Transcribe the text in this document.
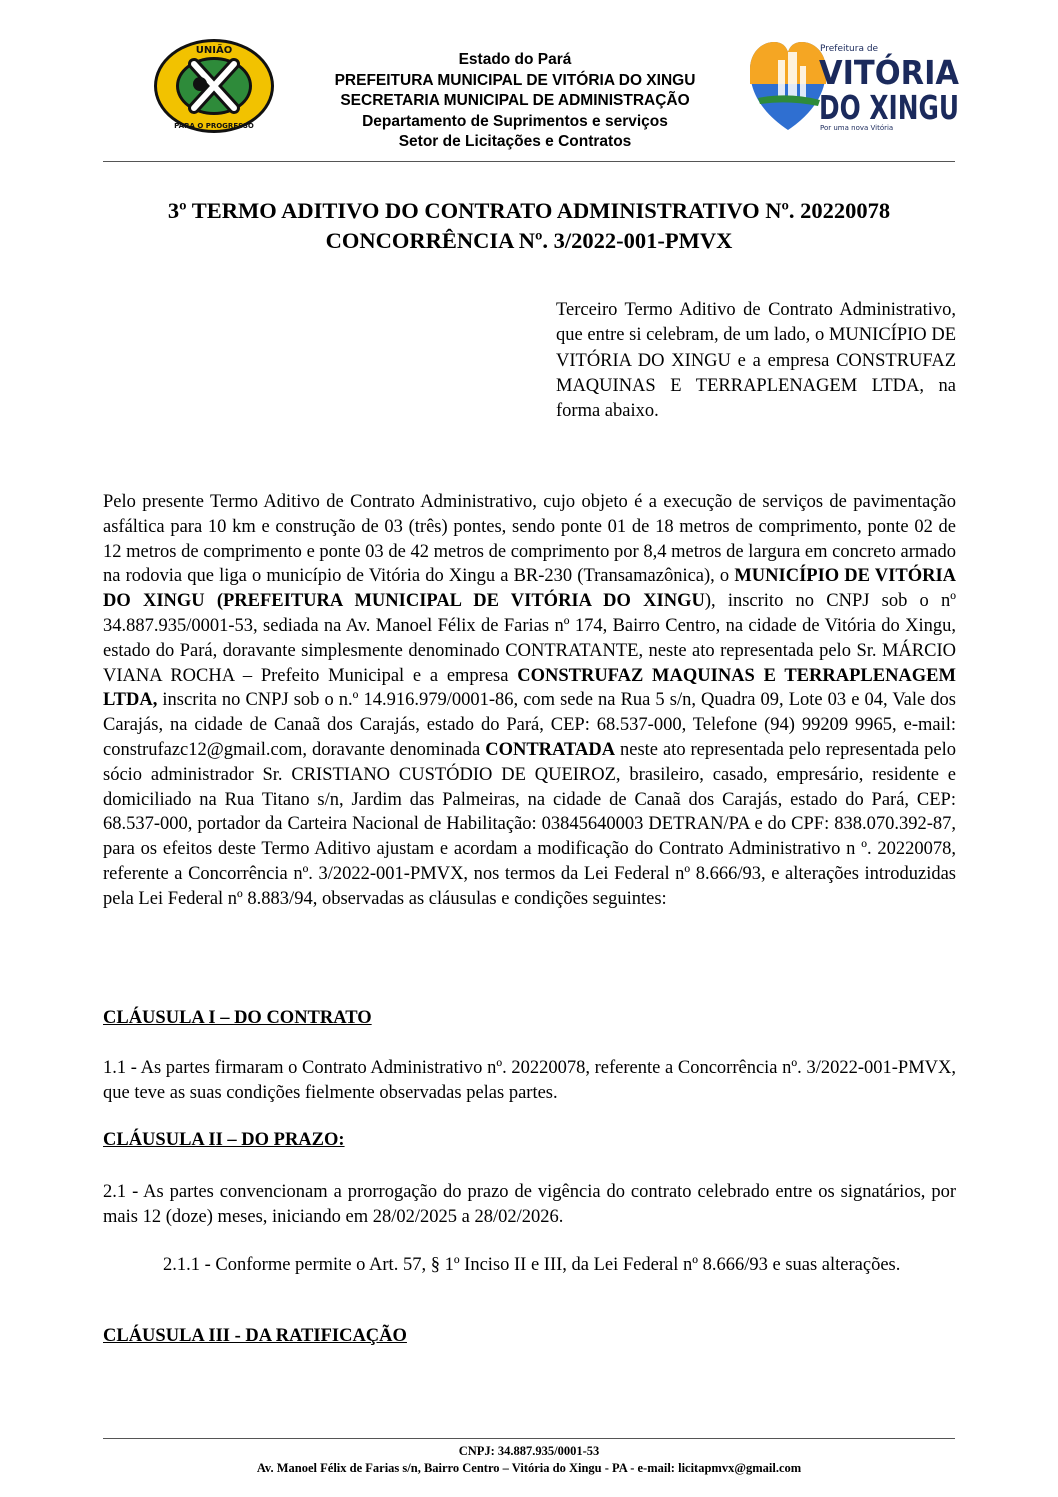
UNIÃO
PARA O PROGRESSO
Estado do Pará
PREFEITURA MUNICIPAL DE VITÓRIA DO XINGU
SECRETARIA MUNICIPAL DE ADMINISTRAÇÃO
Departamento de Suprimentos e serviços
Setor de Licitações e Contratos
Prefeitura de
VITÓRIA
DO XINGU
Por uma nova Vitória
3º TERMO ADITIVO DO CONTRATO ADMINISTRATIVO Nº. 20220078
CONCORRÊNCIA Nº. 3/2022-001-PMVX
Terceiro Termo Aditivo de Contrato Administrativo, que entre si celebram, de um lado, o MUNICÍPIO DE VITÓRIA DO XINGU e a empresa CONSTRUFAZ MAQUINAS E TERRAPLENAGEM LTDA, na forma abaixo.

Pelo presente Termo Aditivo de Contrato Administrativo, cujo objeto é a execução de serviços de pavimentação asfáltica para 10 km e construção de 03 (três) pontes, sendo ponte 01 de 18 metros de comprimento, ponte 02 de 12 metros de comprimento e ponte 03 de 42 metros de comprimento por 8,4 metros de largura em concreto armado na rodovia que liga o município de Vitória do Xingu a BR-230 (Transamazônica), o MUNICÍPIO DE VITÓRIA DO XINGU (PREFEITURA MUNICIPAL DE VITÓRIA DO XINGU), inscrito no CNPJ sob o nº 34.887.935/0001-53, sediada na Av. Manoel Félix de Farias nº 174, Bairro Centro, na cidade de Vitória do Xingu, estado do Pará, doravante simplesmente denominado CONTRATANTE, neste ato representada pelo Sr. MÁRCIO VIANA ROCHA – Prefeito Municipal e a empresa CONSTRUFAZ MAQUINAS E TERRAPLENAGEM LTDA, inscrita no CNPJ sob o n.º 14.916.979/0001-86, com sede na Rua 5 s/n, Quadra 09, Lote 03 e 04, Vale dos Carajás, na cidade de Canaã dos Carajás, estado do Pará, CEP: 68.537-000, Telefone (94) 99209 9965, e-mail: construfazc12@gmail.com, doravante denominada CONTRATADA neste ato representada pelo representada pelo sócio administrador Sr. CRISTIANO CUSTÓDIO DE QUEIROZ, brasileiro, casado, empresário, residente e domiciliado na Rua Titano s/n, Jardim das Palmeiras, na cidade de Canaã dos Carajás, estado do Pará, CEP: 68.537-000, portador da Carteira Nacional de Habilitação: 03845640003 DETRAN/PA e do CPF: 838.070.392-87, para os efeitos deste Termo Aditivo ajustam e acordam a modificação do Contrato Administrativo n º. 20220078, referente a Concorrência nº. 3/2022-001-PMVX, nos termos da Lei Federal nº 8.666/93, e alterações introduzidas pela Lei Federal nº 8.883/94, observadas as cláusulas e condições seguintes:

CLÁUSULA I – DO CONTRATO

1.1 - As partes firmaram o Contrato Administrativo nº. 20220078, referente a Concorrência nº. 3/2022-001-PMVX, que teve as suas condições fielmente observadas pelas partes.

CLÁUSULA II – DO PRAZO:

2.1 - As partes convencionam a prorrogação do prazo de vigência do contrato celebrado entre os signatários, por mais 12 (doze) meses, iniciando em 28/02/2025 a 28/02/2026.

2.1.1 - Conforme permite o Art. 57, § 1º Inciso II e III, da Lei Federal nº 8.666/93 e suas alterações.

CLÁUSULA III - DA RATIFICAÇÃO
CNPJ: 34.887.935/0001-53
Av. Manoel Félix de Farias s/n, Bairro Centro – Vitória do Xingu - PA - e-mail: licitapmvx@gmail.com
